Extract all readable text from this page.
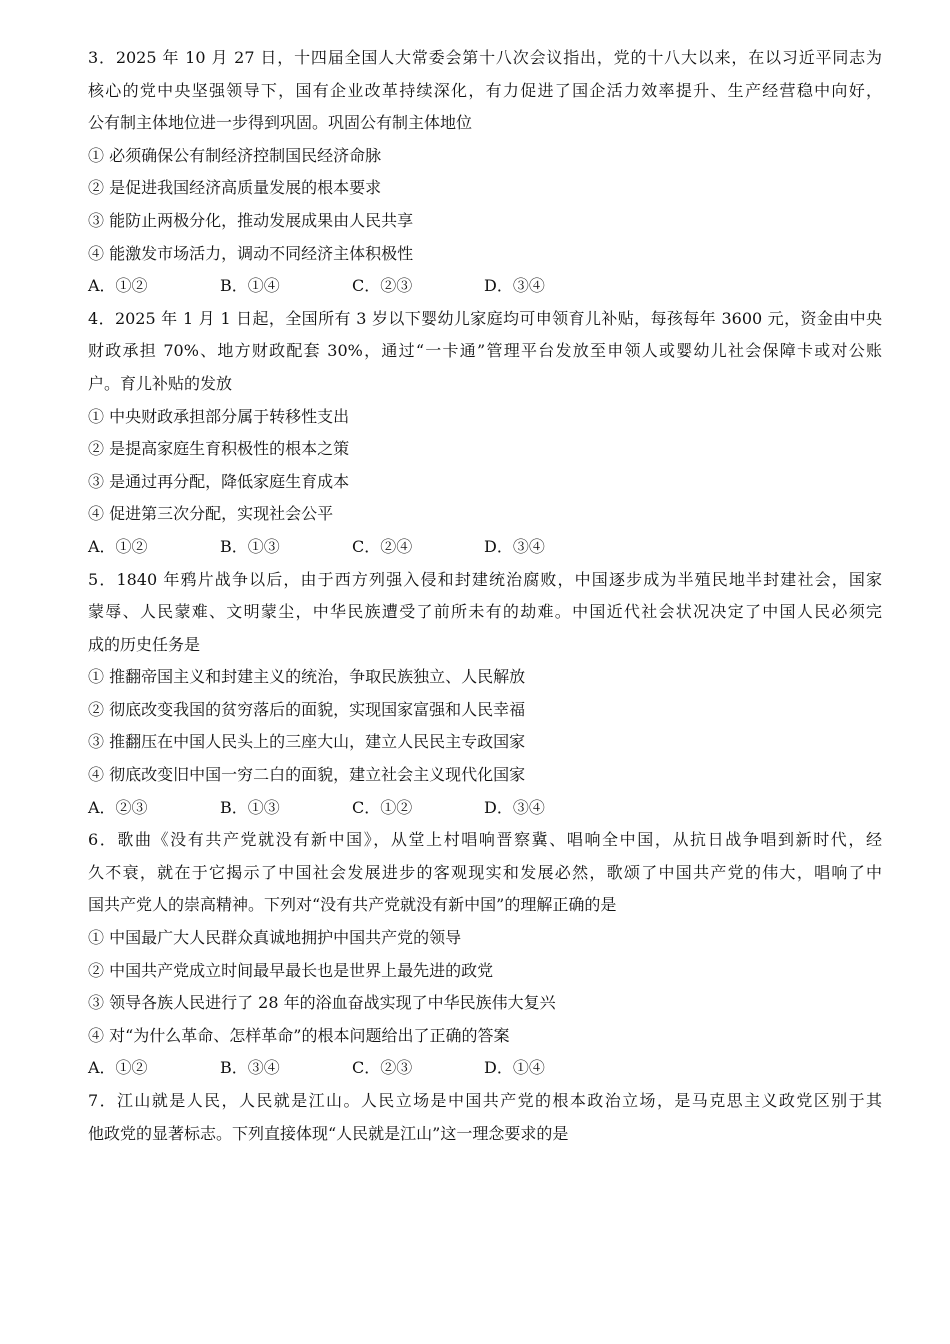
3．2025 年 10 月 27 日，十四届全国人大常委会第十八次会议指出，党的十八大以来，在以习近平同志为
核心的党中央坚强领导下，国有企业改革持续深化，有力促进了国企活力效率提升、生产经营稳中向好，
公有制主体地位进一步得到巩固。巩固公有制主体地位
① 必须确保公有制经济控制国民经济命脉
② 是促进我国经济高质量发展的根本要求
③ 能防止两极分化，推动发展成果由人民共享
④ 能激发市场活力，调动不同经济主体积极性
A．①②	B．①④	C．②③	D．③④
4．2025 年 1 月 1 日起，全国所有 3 岁以下婴幼儿家庭均可申领育儿补贴，每孩每年 3600 元，资金由中央
财政承担 70%、地方财政配套 30%，通过“一卡通”管理平台发放至申领人或婴幼儿社会保障卡或对公账
户。育儿补贴的发放
① 中央财政承担部分属于转移性支出
② 是提高家庭生育积极性的根本之策
③ 是通过再分配，降低家庭生育成本
④ 促进第三次分配，实现社会公平
A．①②	B．①③	C．②④	D．③④
5．1840 年鸦片战争以后，由于西方列强入侵和封建统治腐败，中国逐步成为半殖民地半封建社会，国家
蒙辱、人民蒙难、文明蒙尘，中华民族遭受了前所未有的劫难。中国近代社会状况决定了中国人民必须完
成的历史任务是
① 推翻帝国主义和封建主义的统治，争取民族独立、人民解放
② 彻底改变我国的贫穷落后的面貌，实现国家富强和人民幸福
③ 推翻压在中国人民头上的三座大山，建立人民民主专政国家
④ 彻底改变旧中国一穷二白的面貌，建立社会主义现代化国家
A．②③	B．①③	C．①②	D．③④
6．歌曲《没有共产党就没有新中国》，从堂上村唱响晋察冀、唱响全中国，从抗日战争唱到新时代，经
久不衰，就在于它揭示了中国社会发展进步的客观现实和发展必然，歌颂了中国共产党的伟大，唱响了中
国共产党人的崇高精神。下列对“没有共产党就没有新中国”的理解正确的是
① 中国最广大人民群众真诚地拥护中国共产党的领导
② 中国共产党成立时间最早最长也是世界上最先进的政党
③ 领导各族人民进行了 28 年的浴血奋战实现了中华民族伟大复兴
④ 对“为什么革命、怎样革命”的根本问题给出了正确的答案
A．①②	B．③④	C．②③	D．①④
7．江山就是人民，人民就是江山。人民立场是中国共产党的根本政治立场，是马克思主义政党区别于其
他政党的显著标志。下列直接体现“人民就是江山”这一理念要求的是
